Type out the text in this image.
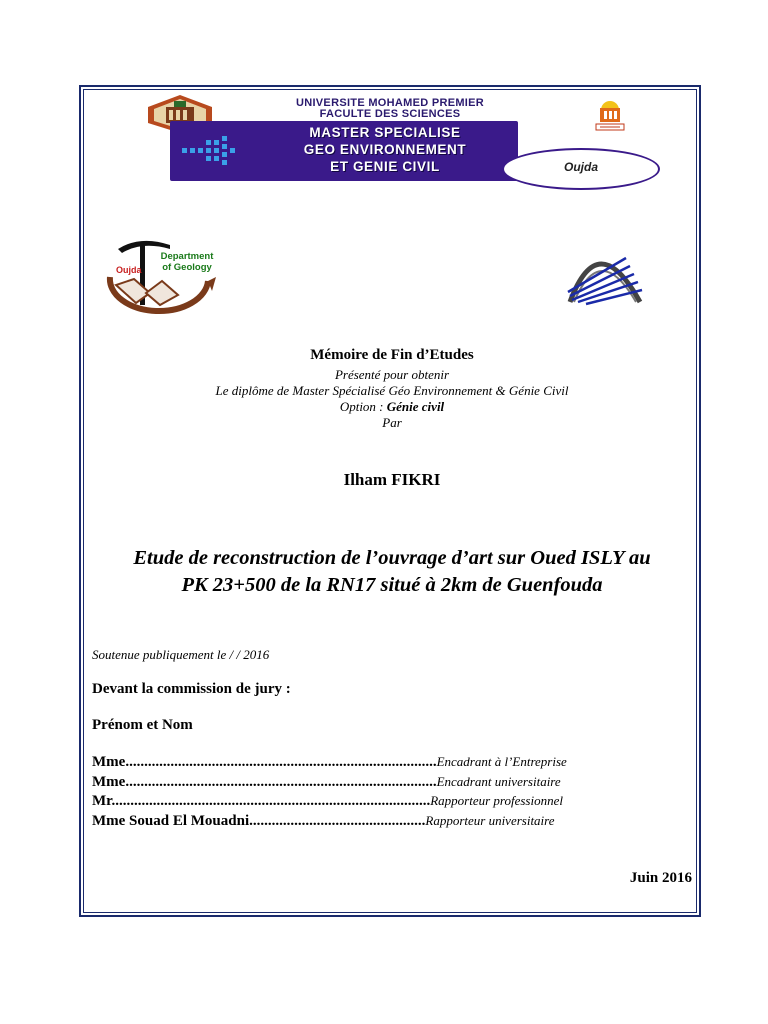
UNIVERSITE MOHAMED PREMIER
FACULTE DES SCIENCES
MASTER SPECIALISE
GEO ENVIRONNEMENT
ET GENIE CIVIL	Oujda
Oujda
Department
of Geology
Mémoire de Fin d’Etudes
Présenté pour obtenir
Le diplôme de Master Spécialisé Géo Environnement & Génie Civil
Option : Génie civil
Par
Ilham FIKRI
Etude de reconstruction de l’ouvrage d’art sur Oued ISLY au
PK 23+500 de la RN17 situé à 2km de Guenfouda
Soutenue publiquement le / / 2016
Devant la commission de jury :
Prénom et Nom
Mme...................................................................................Encadrant à l’Entreprise
Mme...................................................................................Encadrant universitaire
Mr.....................................................................................Rapporteur professionnel
Mme Souad El Mouadni...............................................Rapporteur universitaire
Juin 2016
